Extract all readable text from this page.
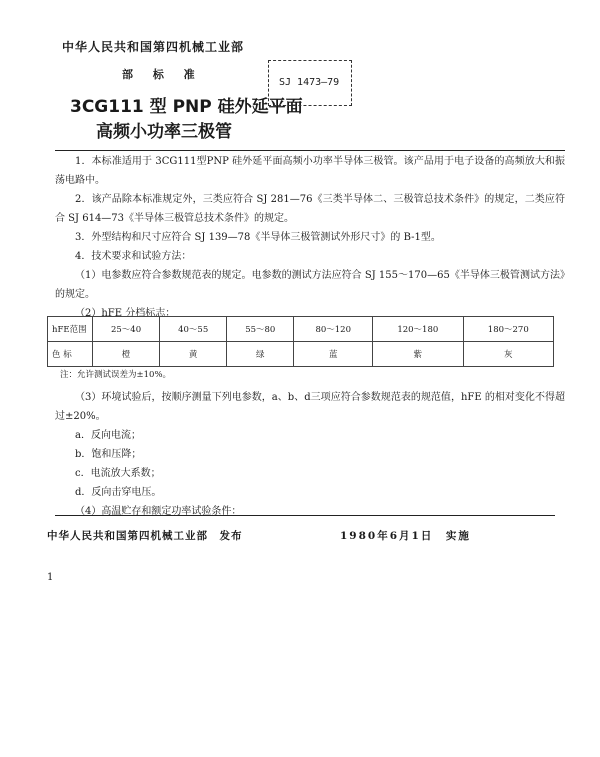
中华人民共和国第四机械工业部
部 标 准
3CG111 型 PNP 硅外延平面
高频小功率三极管
SJ 1473—79

1．本标准适用于 3CG111型PNP 硅外延平面高频小功率半导体三极管。该产品用于电子设备的高频放大和振荡电路中。

2．该产品除本标准规定外，三类应符合 SJ 281—76《三类半导体二、三极管总技术条件》的规定，二类应符合 SJ 614—73《半导体三极管总技术条件》的规定。

3．外型结构和尺寸应符合 SJ 139—78《半导体三极管测试外形尺寸》的 B-1型。

4．技术要求和试验方法：

（1）电参数应符合参数规范表的规定。电参数的测试方法应符合 SJ 155～170—65《半导体三极管测试方法》的规定。

（2）hFE 分档标志：

hFE范围	25～40	40～55	55～80	80～120	120～180	180～270
色 标	橙	黄	绿	蓝	紫	灰
注：允许测试误差为±10%。

（3）环境试验后，按顺序测量下列电参数，a、b、d三项应符合参数规范表的规范值，hFE 的相对变化不得超 过±20%。

a．反向电流；

b．饱和压降；

c．电流放大系数；

d．反向击穿电压。

（4）高温贮存和额定功率试验条件：

中华人民共和国第四机械工业部　发布	1980年6月1日　实施
1
